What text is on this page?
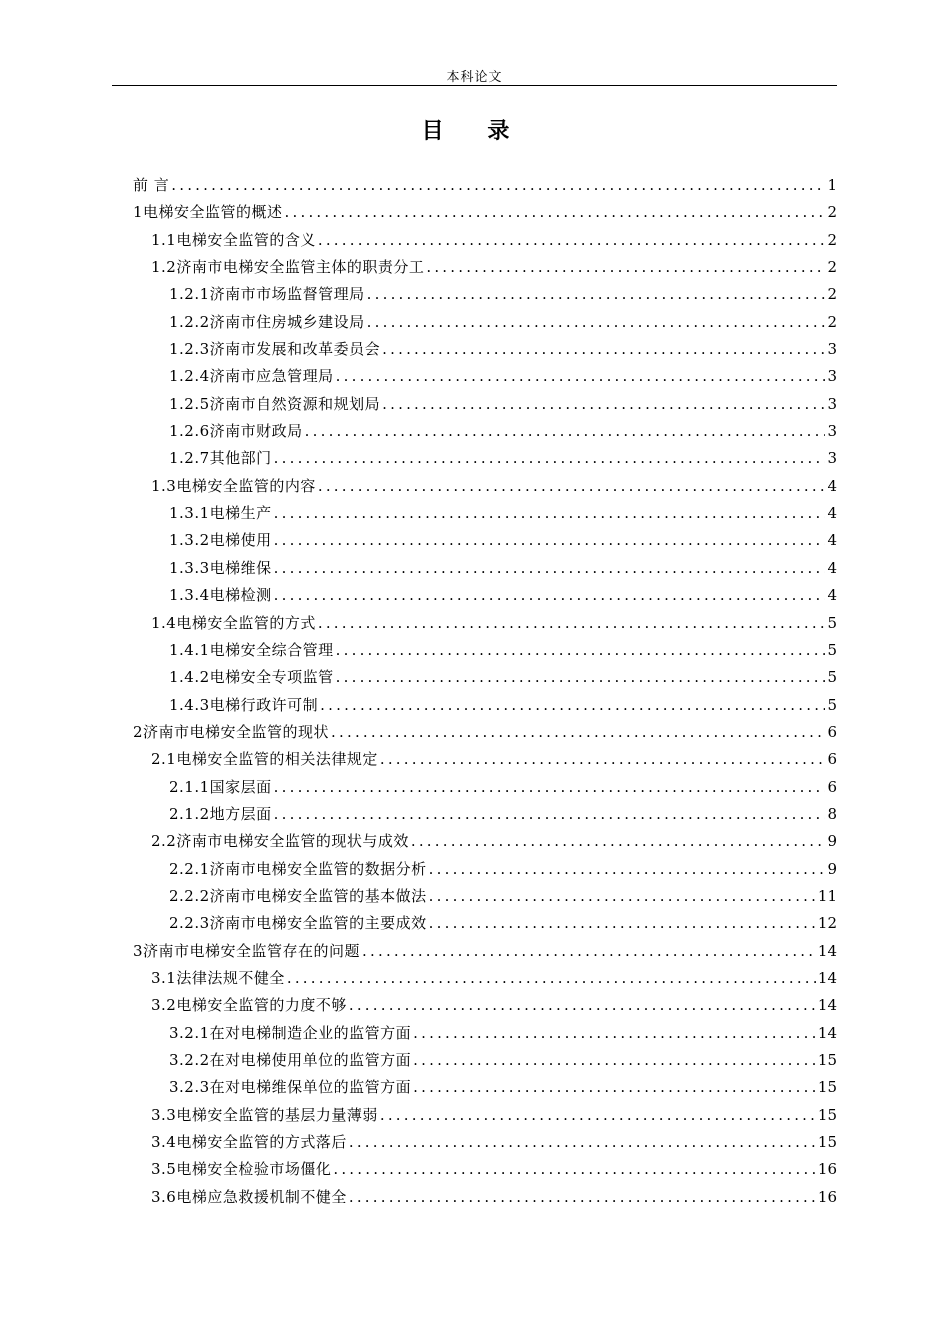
本科论文
目 录
前 言 .....	1
1电梯安全监管的概述 .....	2
1.1电梯安全监管的含义 .....	2
1.2济南市电梯安全监管主体的职责分工 .....	2
1.2.1济南市市场监督管理局 .....	2
1.2.2济南市住房城乡建设局 .....	2
1.2.3济南市发展和改革委员会 .....	3
1.2.4济南市应急管理局 .....	3
1.2.5济南市自然资源和规划局 .....	3
1.2.6济南市财政局 .....	3
1.2.7其他部门 .....	3
1.3电梯安全监管的内容 .....	4
1.3.1电梯生产 .....	4
1.3.2电梯使用 .....	4
1.3.3电梯维保 .....	4
1.3.4电梯检测 .....	4
1.4电梯安全监管的方式 .....	5
1.4.1电梯安全综合管理 .....	5
1.4.2电梯安全专项监管 .....	5
1.4.3电梯行政许可制 .....	5
2济南市电梯安全监管的现状 .....	6
2.1电梯安全监管的相关法律规定 .....	6
2.1.1国家层面 .....	6
2.1.2地方层面 .....	8
2.2济南市电梯安全监管的现状与成效 .....	9
2.2.1济南市电梯安全监管的数据分析 .....	9
2.2.2济南市电梯安全监管的基本做法 .....	11
2.2.3济南市电梯安全监管的主要成效 .....	12
3济南市电梯安全监管存在的问题 .....	14
3.1法律法规不健全 .....	14
3.2电梯安全监管的力度不够 .....	14
3.2.1在对电梯制造企业的监管方面 .....	14
3.2.2在对电梯使用单位的监管方面 .....	15
3.2.3在对电梯维保单位的监管方面 .....	15
3.3电梯安全监管的基层力量薄弱 .....	15
3.4电梯安全监管的方式落后 .....	15
3.5电梯安全检验市场僵化 .....	16
3.6电梯应急救援机制不健全 .....	16
